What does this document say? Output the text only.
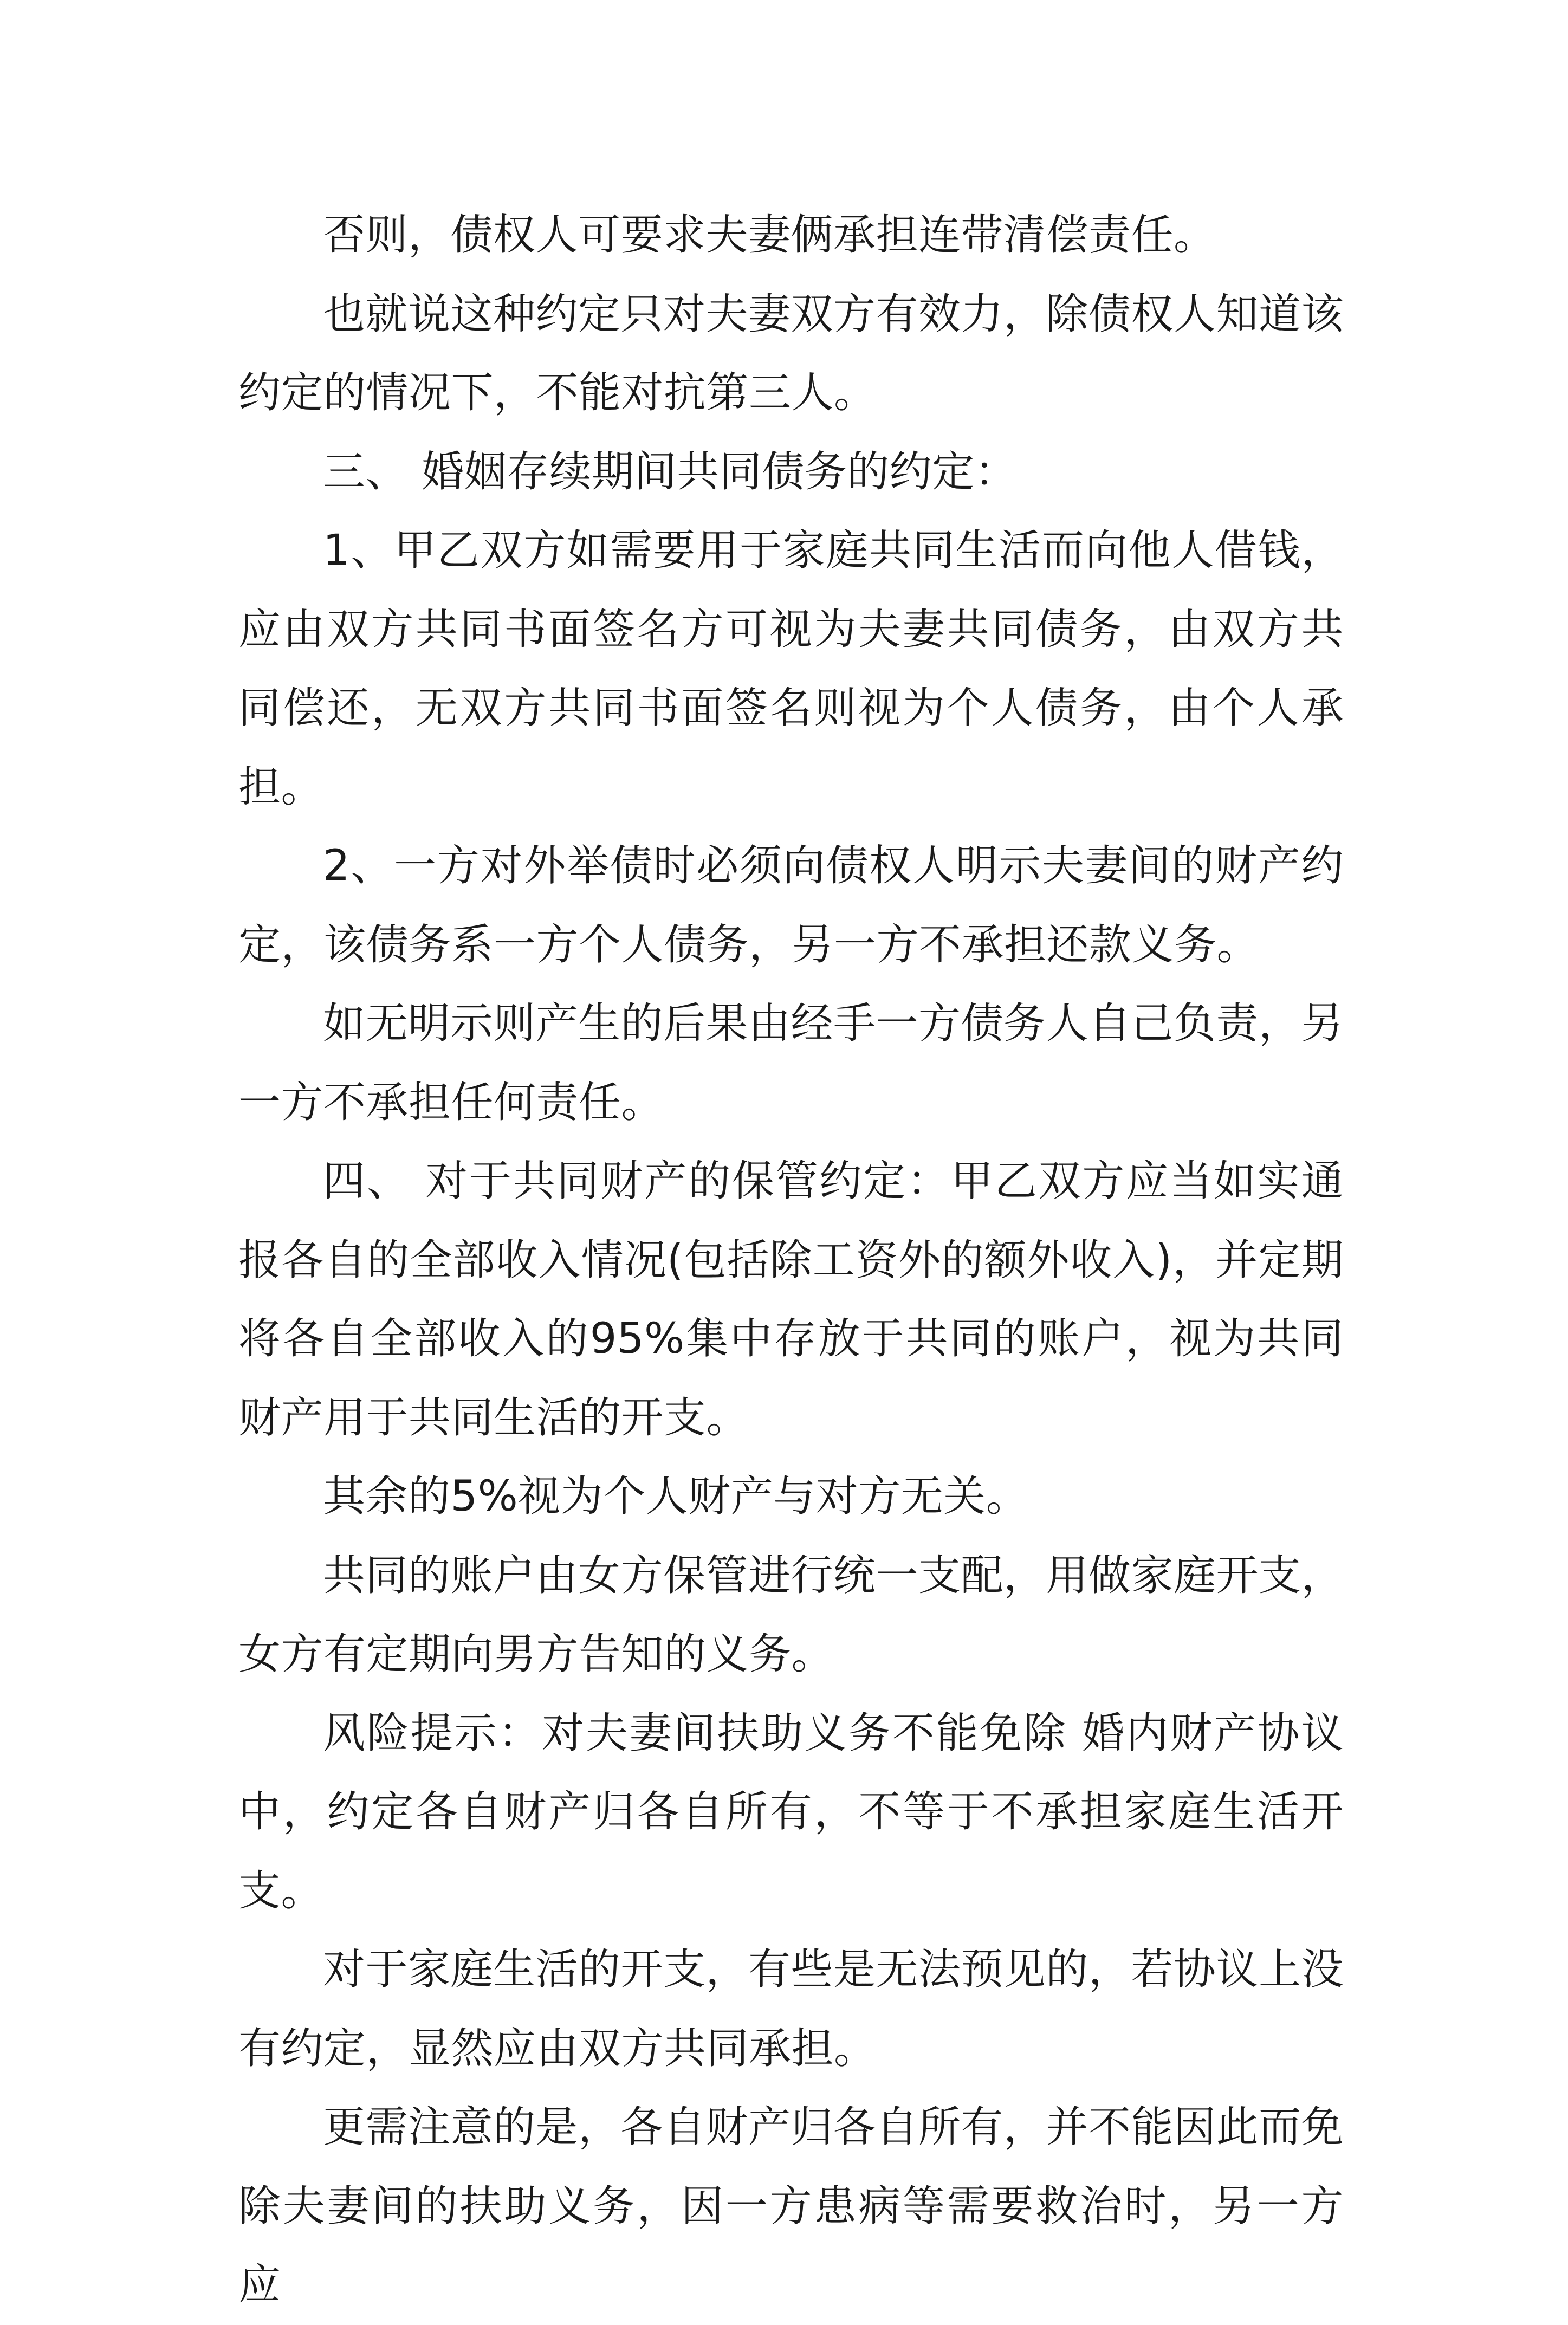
否则，债权人可要求夫妻俩承担连带清偿责任。

也就说这种约定只对夫妻双方有效力，除债权人知道该约定的情况下，不能对抗第三人。

三、 婚姻存续期间共同债务的约定：

1、甲乙双方如需要用于家庭共同生活而向他人借钱，应由双方共同书面签名方可视为夫妻共同债务，由双方共同偿还，无双方共同书面签名则视为个人债务，由个人承担。

2、一方对外举债时必须向债权人明示夫妻间的财产约定，该债务系一方个人债务，另一方不承担还款义务。

如无明示则产生的后果由经手一方债务人自己负责，另一方不承担任何责任。

四、 对于共同财产的保管约定：甲乙双方应当如实通报各自的全部收入情况(包括除工资外的额外收入)，并定期将各自全部收入的95%集中存放于共同的账户，视为共同财产用于共同生活的开支。

其余的5%视为个人财产与对方无关。

共同的账户由女方保管进行统一支配，用做家庭开支，女方有定期向男方告知的义务。

风险提示：对夫妻间扶助义务不能免除 婚内财产协议中，约定各自财产归各自所有，不等于不承担家庭生活开支。

对于家庭生活的开支，有些是无法预见的，若协议上没有约定，显然应由双方共同承担。

更需注意的是，各自财产归各自所有，并不能因此而免除夫妻间的扶助义务，因一方患病等需要救治时，另一方应
